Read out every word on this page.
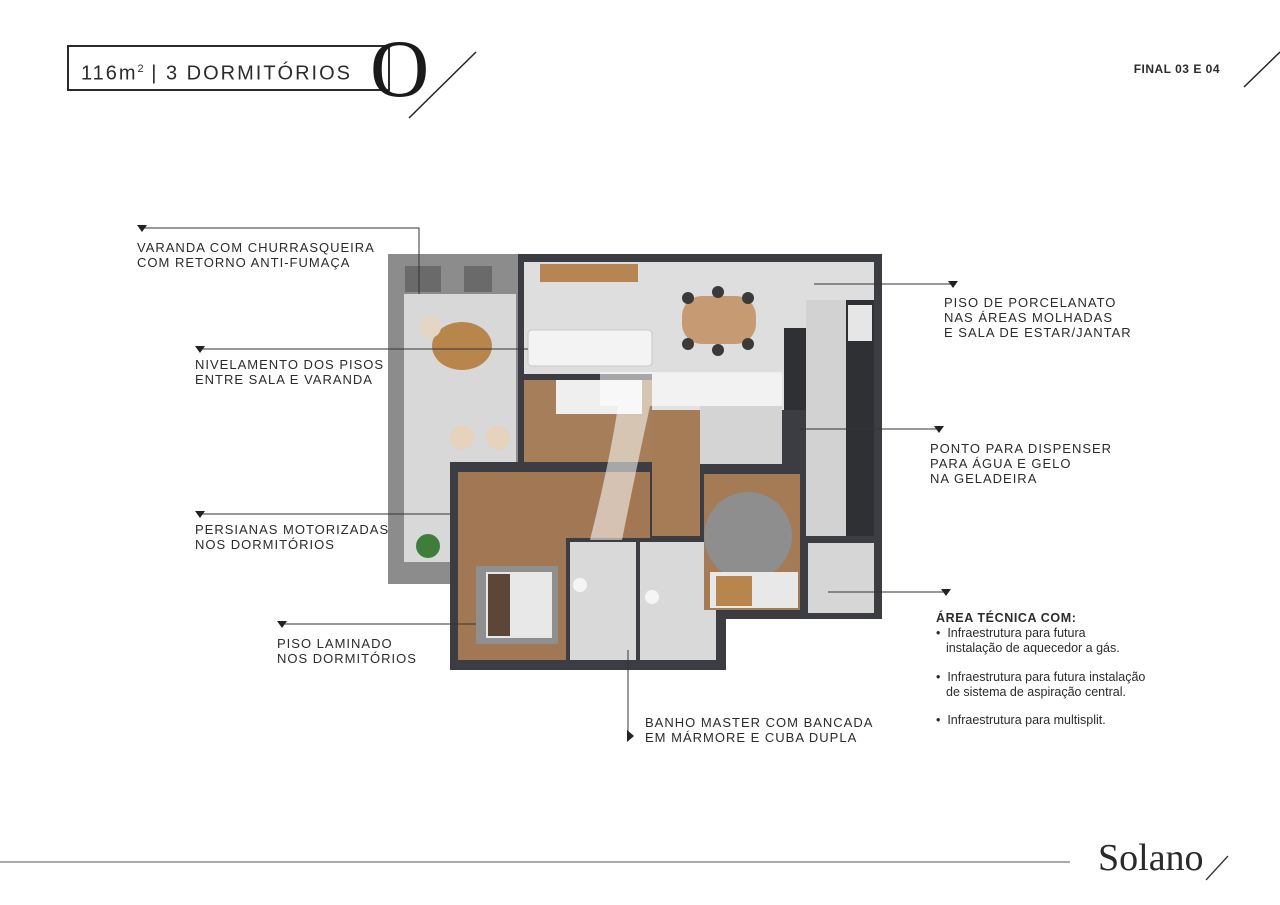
$116m^2$ | 3 DORMITÓRIOS O	FINAL 03 E 04
VARANDA COM CHURRASQUEIRA
COM RETORNO ANTI-FUMAÇA
NIVELAMENTO DOS PISOS
ENTRE SALA E VARANDA
PERSIANAS MOTORIZADAS
NOS DORMITÓRIOS
PISO LAMINADO
NOS DORMITÓRIOS
BANHO MASTER COM BANCADA
EM MÁRMORE E CUBA DUPLA
PISO DE PORCELANATO
NAS ÁREAS MOLHADAS
E SALA DE ESTAR/JANTAR
PONTO PARA DISPENSER
PARA ÁGUA E GELO
NA GELADEIRA
ÁREA TÉCNICA COM:
•  Infraestrutura para futura
instalação de aquecedor a gás.
•  Infraestrutura para futura instalação
de sistema de aspiração central.
•  Infraestrutura para multisplit.
Solano
